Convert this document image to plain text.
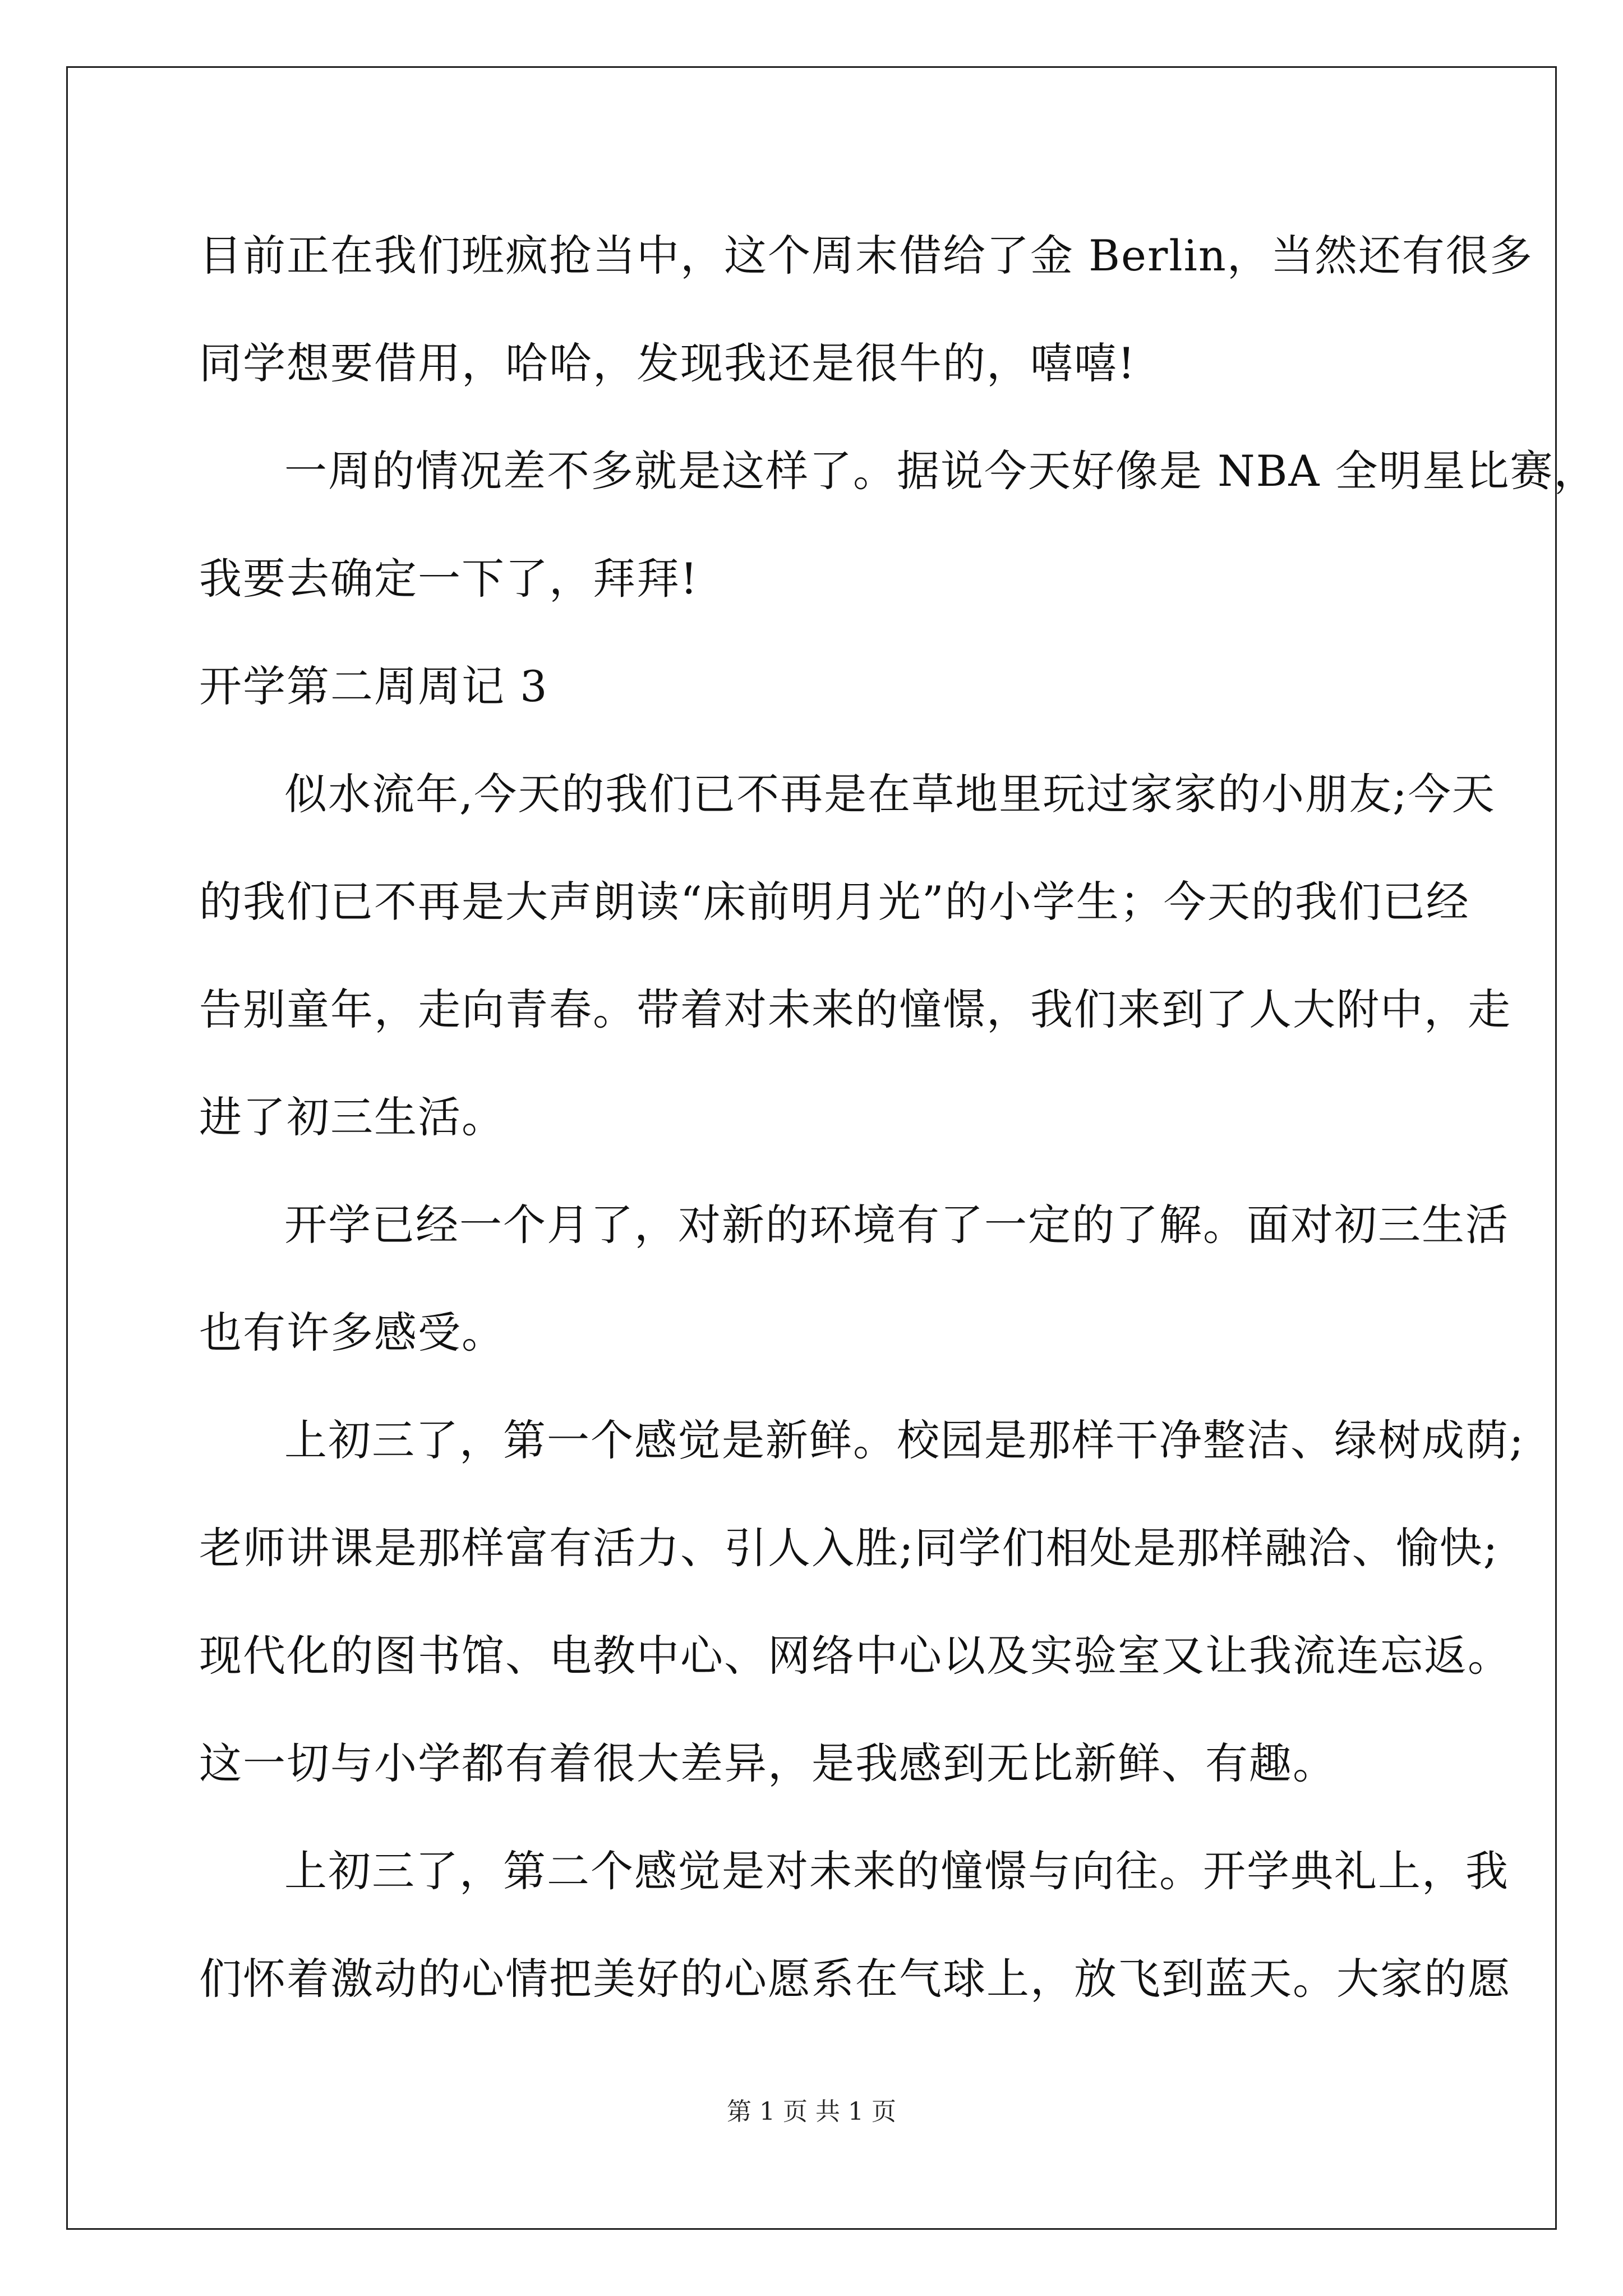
目前正在我们班疯抢当中，这个周末借给了金 Berlin，当然还有很多
同学想要借用，哈哈，发现我还是很牛的，嘻嘻!
一周的情况差不多就是这样了。据说今天好像是 NBA 全明星比赛，
我要去确定一下了，拜拜!
开学第二周周记 3
似水流年,今天的我们已不再是在草地里玩过家家的小朋友;今天
的我们已不再是大声朗读“床前明月光”的小学生；今天的我们已经
告别童年，走向青春。带着对未来的憧憬，我们来到了人大附中，走
进了初三生活。
开学已经一个月了，对新的环境有了一定的了解。面对初三生活
也有许多感受。
上初三了，第一个感觉是新鲜。校园是那样干净整洁、绿树成荫;
老师讲课是那样富有活力、引人入胜;同学们相处是那样融洽、愉快;
现代化的图书馆、电教中心、网络中心以及实验室又让我流连忘返。
这一切与小学都有着很大差异，是我感到无比新鲜、有趣。
上初三了，第二个感觉是对未来的憧憬与向往。开学典礼上，我
们怀着激动的心情把美好的心愿系在气球上，放飞到蓝天。大家的愿
第 1 页 共 1 页
